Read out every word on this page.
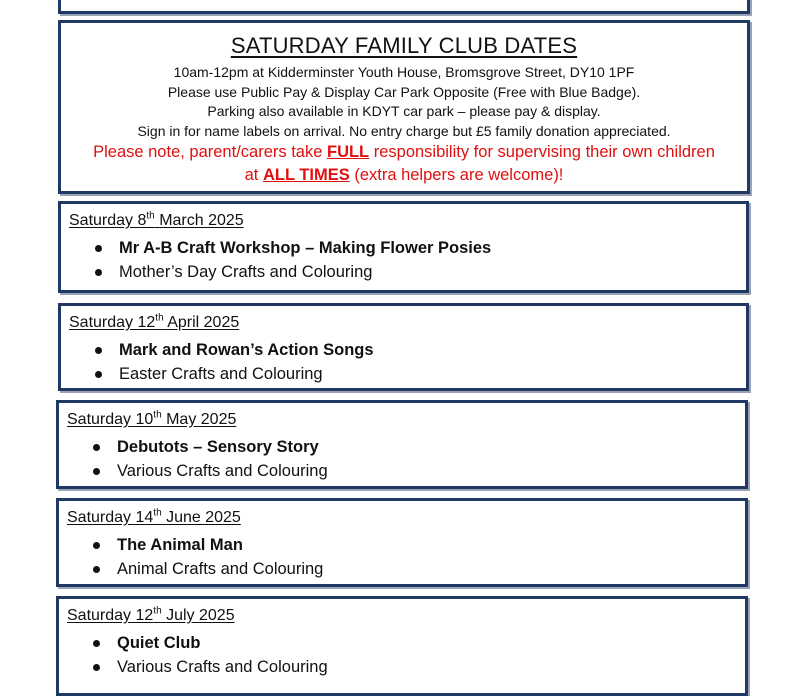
SATURDAY FAMILY CLUB DATES
10am-12pm at Kidderminster Youth House, Bromsgrove Street, DY10 1PF
Please use Public Pay & Display Car Park Opposite (Free with Blue Badge).
Parking also available in KDYT car park – please pay & display.
Sign in for name labels on arrival. No entry charge but £5 family donation appreciated.
Please note, parent/carers take FULL responsibility for supervising their own children
at ALL TIMES (extra helpers are welcome)!
Saturday 8th March 2025
Mr A-B Craft Workshop – Making Flower Posies
Mother’s Day Crafts and Colouring
Saturday 12th April 2025
Mark and Rowan’s Action Songs
Easter Crafts and Colouring
Saturday 10th May 2025
Debutots – Sensory Story
Various Crafts and Colouring
Saturday 14th June 2025
The Animal Man
Animal Crafts and Colouring
Saturday 12th July 2025
Quiet Club
Various Crafts and Colouring
